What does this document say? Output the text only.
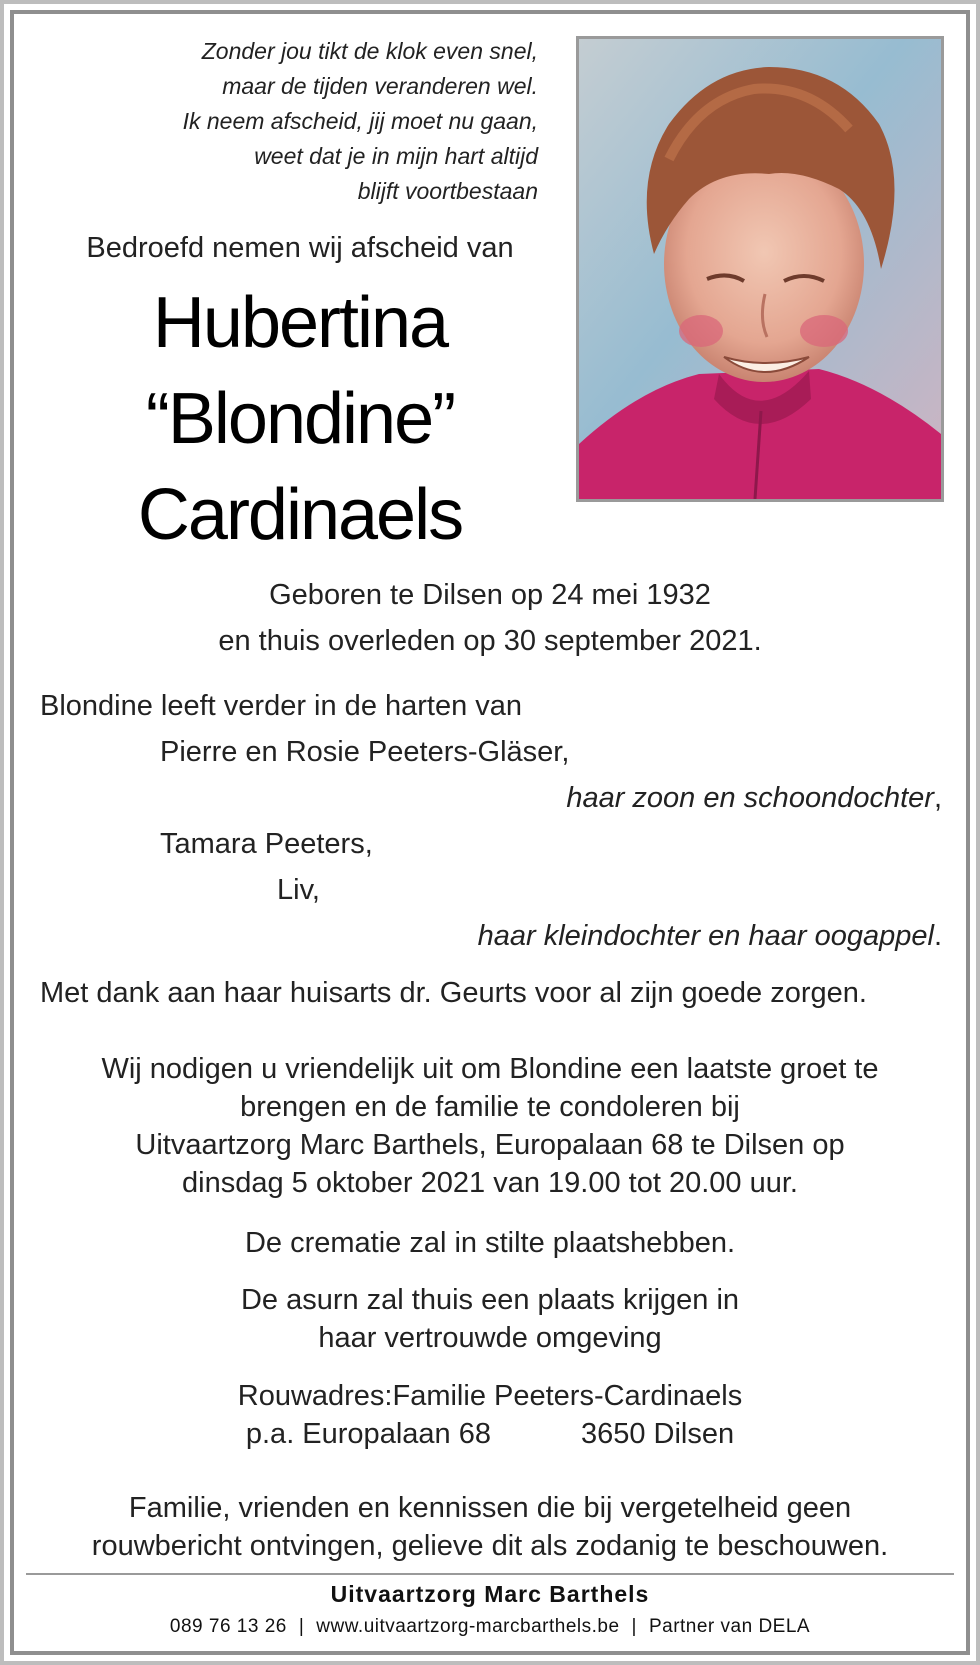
Zonder jou tikt de klok even snel,
maar de tijden veranderen wel.
Ik neem afscheid, jij moet nu gaan,
weet dat je in mijn hart altijd
blijft voortbestaan
Bedroefd nemen wij afscheid van
Hubertina
“Blondine”
Cardinaels
Geboren te Dilsen op 24 mei 1932
en thuis overleden op 30 september 2021.
Blondine leeft verder in de harten van
Pierre en Rosie Peeters-Gläser,
haar zoon en schoondochter,
Tamara Peeters,
Liv,
haar kleindochter en haar oogappel.
Met dank aan haar huisarts dr. Geurts voor al zijn goede zorgen.
Wij nodigen u vriendelijk uit om Blondine een laatste groet te
brengen en de familie te condoleren bij
Uitvaartzorg Marc Barthels, Europalaan 68 te Dilsen op
dinsdag 5 oktober 2021 van 19.00 tot 20.00 uur.
De crematie zal in stilte plaatshebben.
De asurn zal thuis een plaats krijgen in
haar vertrouwde omgeving
Rouwadres:Familie Peeters-Cardinaels
p.a. Europalaan 68	3650 Dilsen
Familie, vrienden en kennissen die bij vergetelheid geen
rouwbericht ontvingen, gelieve dit als zodanig te beschouwen.
Uitvaartzorg Marc Barthels
089 76 13 26 | www.uitvaartzorg-marcbarthels.be | Partner van DELA
